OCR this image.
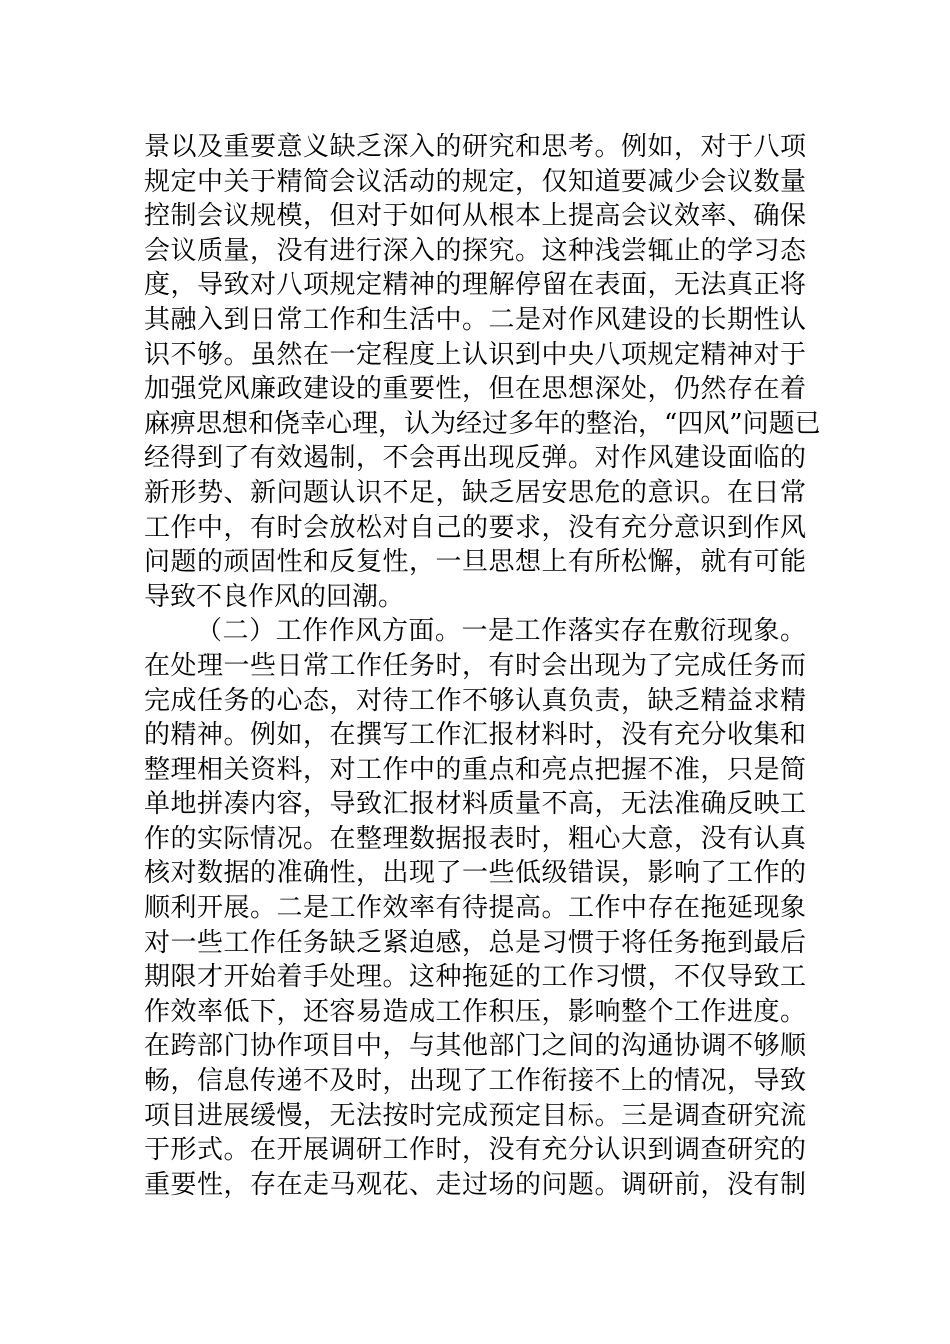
景以及重要意义缺乏深入的研究和思考。例如，对于八项
规定中关于精简会议活动的规定，仅知道要减少会议数量
控制会议规模，但对于如何从根本上提高会议效率、确保
会议质量，没有进行深入的探究。这种浅尝辄止的学习态
度，导致对八项规定精神的理解停留在表面，无法真正将
其融入到日常工作和生活中。二是对作风建设的长期性认
识不够。虽然在一定程度上认识到中央八项规定精神对于
加强党风廉政建设的重要性，但在思想深处，仍然存在着
麻痹思想和侥幸心理，认为经过多年的整治，“四风”问题已
经得到了有效遏制，不会再出现反弹。对作风建设面临的
新形势、新问题认识不足，缺乏居安思危的意识。在日常
工作中，有时会放松对自己的要求，没有充分意识到作风
问题的顽固性和反复性，一旦思想上有所松懈，就有可能
导致不良作风的回潮。
（二）工作作风方面。一是工作落实存在敷衍现象。
在处理一些日常工作任务时，有时会出现为了完成任务而
完成任务的心态，对待工作不够认真负责，缺乏精益求精
的精神。例如，在撰写工作汇报材料时，没有充分收集和
整理相关资料，对工作中的重点和亮点把握不准，只是简
单地拼凑内容，导致汇报材料质量不高，无法准确反映工
作的实际情况。在整理数据报表时，粗心大意，没有认真
核对数据的准确性，出现了一些低级错误，影响了工作的
顺利开展。二是工作效率有待提高。工作中存在拖延现象
对一些工作任务缺乏紧迫感，总是习惯于将任务拖到最后
期限才开始着手处理。这种拖延的工作习惯，不仅导致工
作效率低下，还容易造成工作积压，影响整个工作进度。
在跨部门协作项目中，与其他部门之间的沟通协调不够顺
畅，信息传递不及时，出现了工作衔接不上的情况，导致
项目进展缓慢，无法按时完成预定目标。三是调查研究流
于形式。在开展调研工作时，没有充分认识到调查研究的
重要性，存在走马观花、走过场的问题。调研前，没有制
